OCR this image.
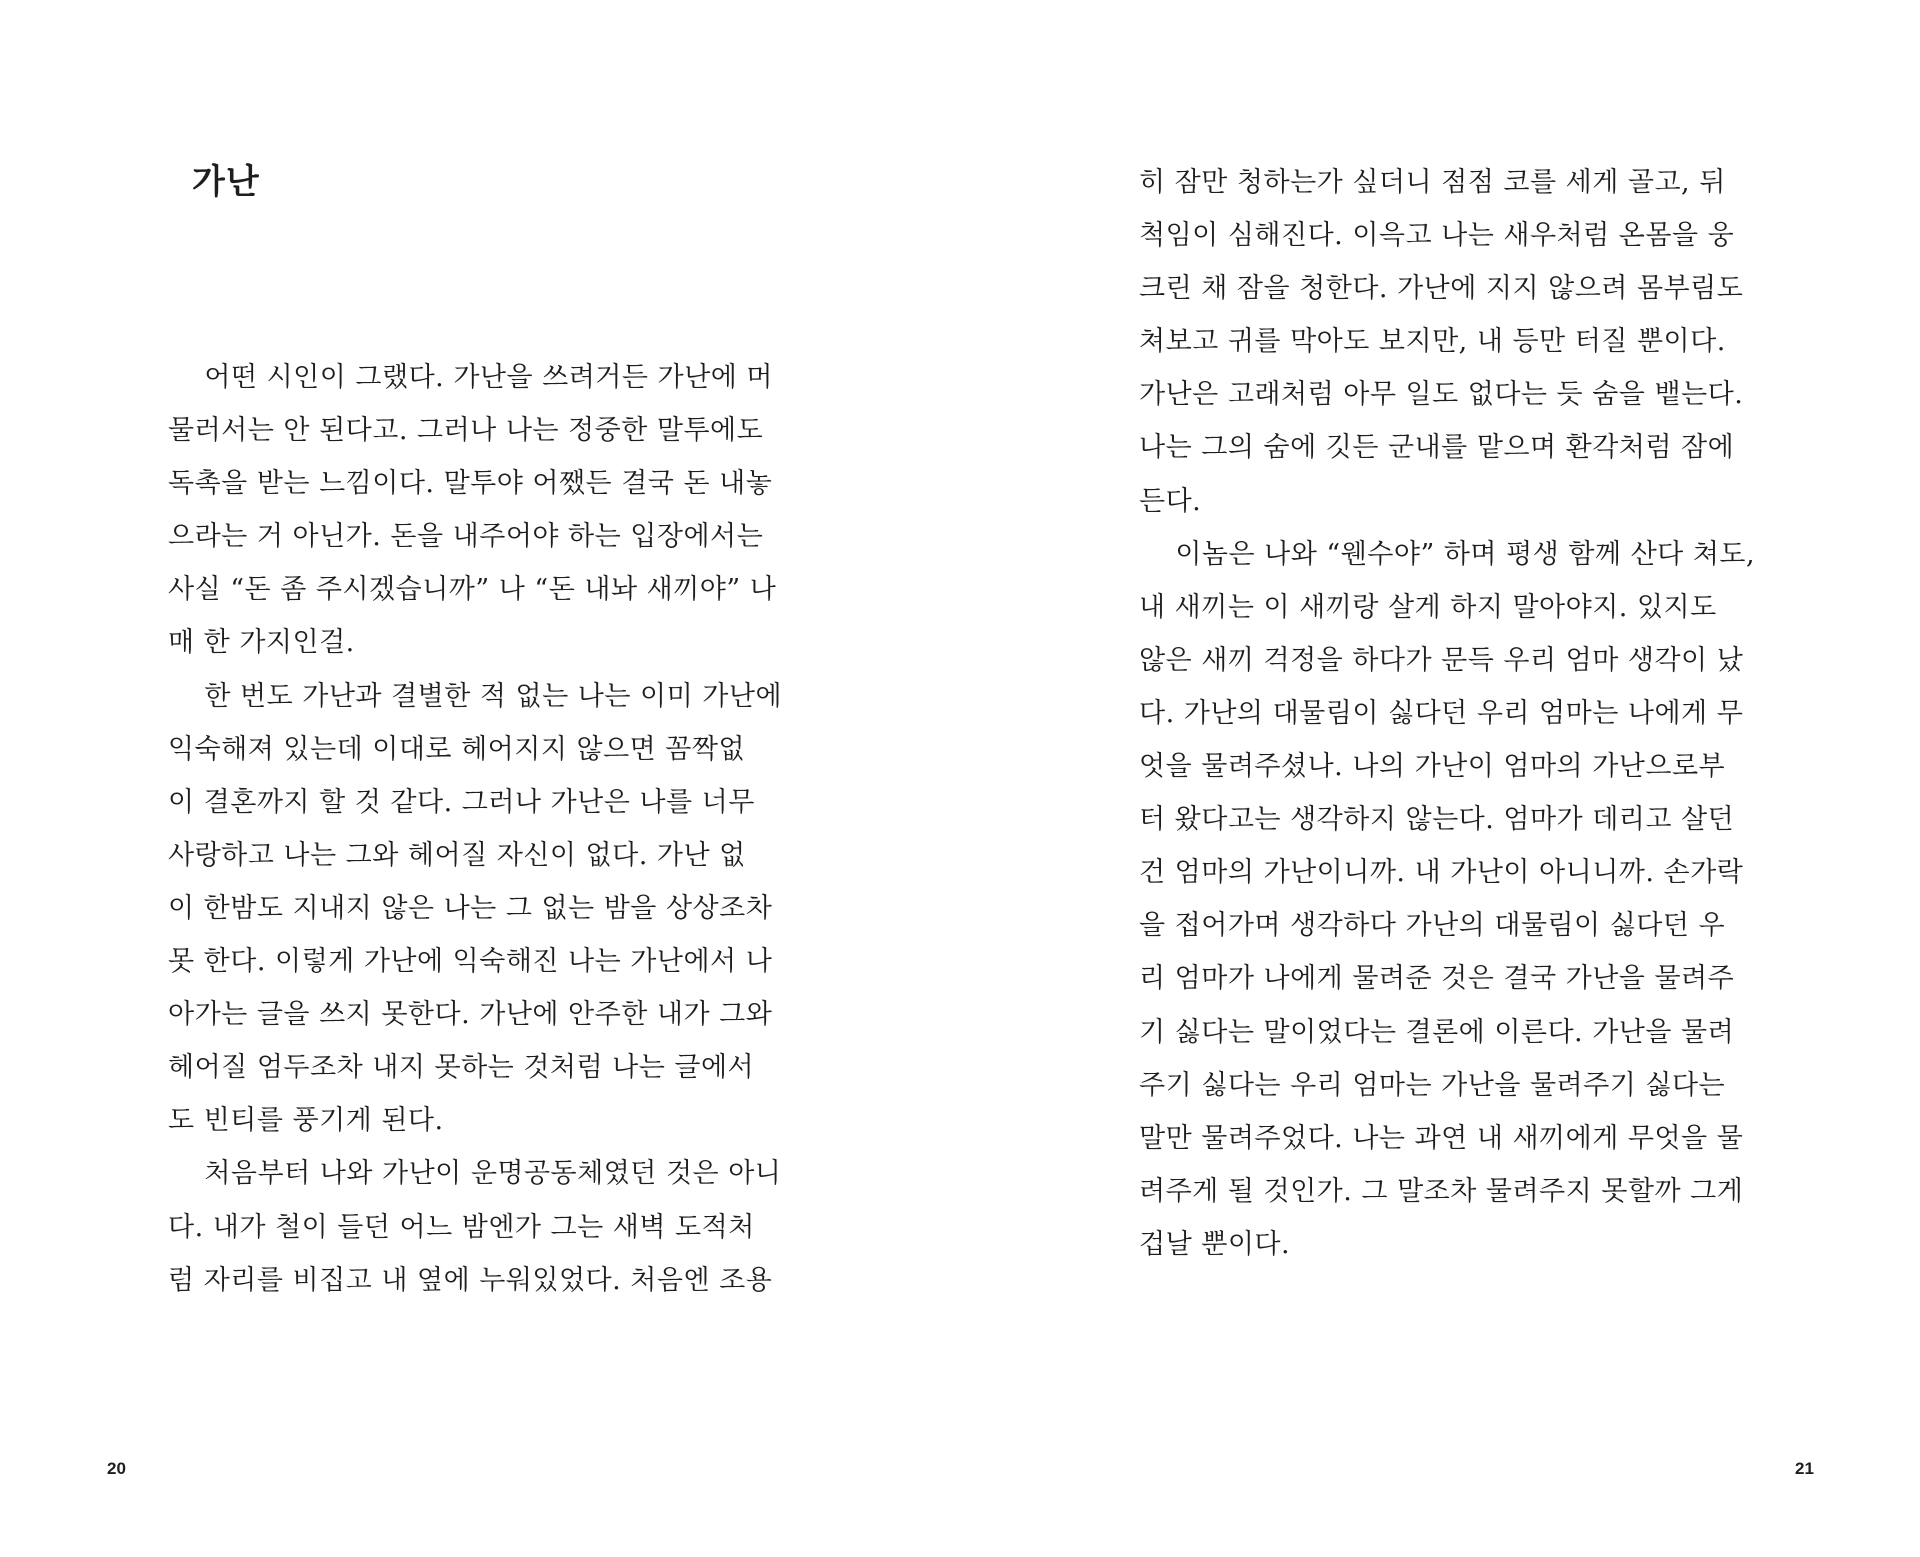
가난
어떤 시인이 그랬다. 가난을 쓰려거든 가난에 머
물러서는 안 된다고. 그러나 나는 정중한 말투에도
독촉을 받는 느낌이다. 말투야 어쨌든 결국 돈 내놓
으라는 거 아닌가. 돈을 내주어야 하는 입장에서는
사실 “돈 좀 주시겠습니까” 나 “돈 내놔 새끼야” 나
매 한 가지인걸.
한 번도 가난과 결별한 적 없는 나는 이미 가난에
익숙해져 있는데 이대로 헤어지지 않으면 꼼짝없
이 결혼까지 할 것 같다. 그러나 가난은 나를 너무
사랑하고 나는 그와 헤어질 자신이 없다. 가난 없
이 한밤도 지내지 않은 나는 그 없는 밤을 상상조차
못 한다. 이렇게 가난에 익숙해진 나는 가난에서 나
아가는 글을 쓰지 못한다. 가난에 안주한 내가 그와
헤어질 엄두조차 내지 못하는 것처럼 나는 글에서
도 빈티를 풍기게 된다.
처음부터 나와 가난이 운명공동체였던 것은 아니
다. 내가 철이 들던 어느 밤엔가 그는 새벽 도적처
럼 자리를 비집고 내 옆에 누워있었다. 처음엔 조용
20
히 잠만 청하는가 싶더니 점점 코를 세게 골고, 뒤
척임이 심해진다. 이윽고 나는 새우처럼 온몸을 웅
크린 채 잠을 청한다. 가난에 지지 않으려 몸부림도
쳐보고 귀를 막아도 보지만, 내 등만 터질 뿐이다.
가난은 고래처럼 아무 일도 없다는 듯 숨을 뱉는다.
나는 그의 숨에 깃든 군내를 맡으며 환각처럼 잠에
든다.
이놈은 나와 “웬수야” 하며 평생 함께 산다 쳐도,
내 새끼는 이 새끼랑 살게 하지 말아야지. 있지도
않은 새끼 걱정을 하다가 문득 우리 엄마 생각이 났
다. 가난의 대물림이 싫다던 우리 엄마는 나에게 무
엇을 물려주셨나. 나의 가난이 엄마의 가난으로부
터 왔다고는 생각하지 않는다. 엄마가 데리고 살던
건 엄마의 가난이니까. 내 가난이 아니니까. 손가락
을 접어가며 생각하다 가난의 대물림이 싫다던 우
리 엄마가 나에게 물려준 것은 결국 가난을 물려주
기 싫다는 말이었다는 결론에 이른다. 가난을 물려
주기 싫다는 우리 엄마는 가난을 물려주기 싫다는
말만 물려주었다. 나는 과연 내 새끼에게 무엇을 물
려주게 될 것인가. 그 말조차 물려주지 못할까 그게
겁날 뿐이다.
21
